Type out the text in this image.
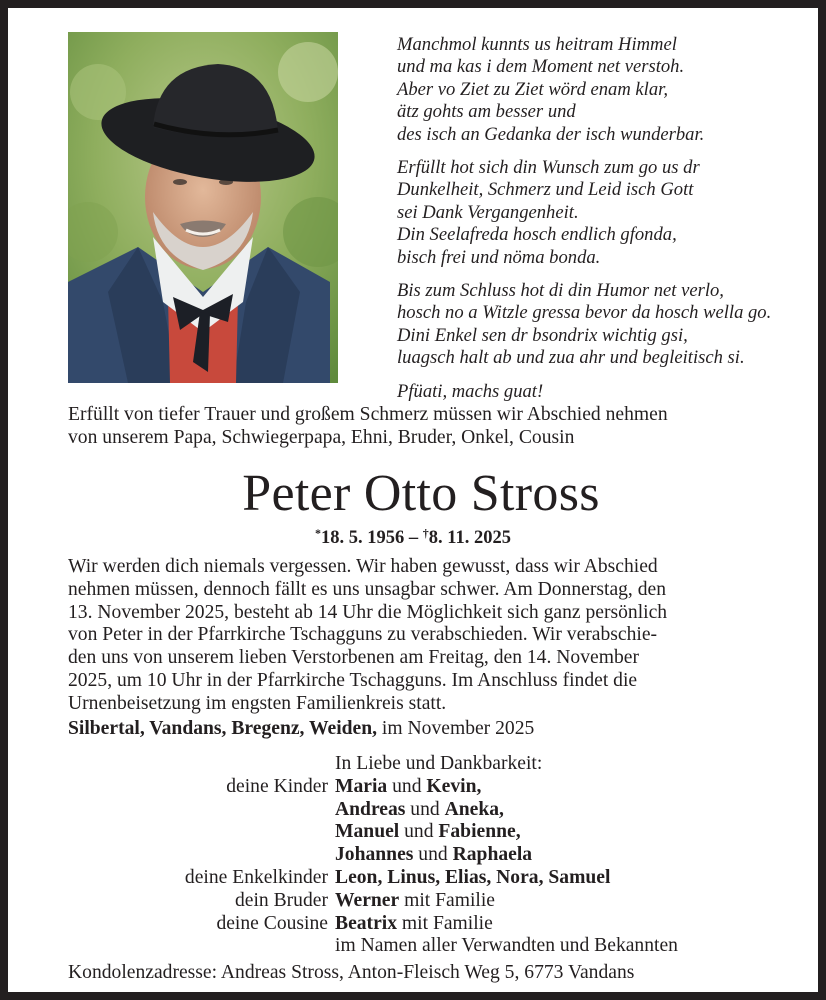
Manchmol kunnts us heitram Himmel
und ma kas i dem Moment net verstoh.
Aber vo Ziet zu Ziet wörd enam klar,
ätz gohts am besser und
des isch an Gedanka der isch wunderbar.
Erfüllt hot sich din Wunsch zum go us dr
Dunkelheit, Schmerz und Leid isch Gott
sei Dank Vergangenheit.
Din Seelafreda hosch endlich gfonda,
bisch frei und nöma bonda.
Bis zum Schluss hot di din Humor net verlo,
hosch no a Witzle gressa bevor da hosch wella go.
Dini Enkel sen dr bsondrix wichtig gsi,
luagsch halt ab und zua ahr und begleitisch si.
Pfüati, machs guat!
Erfüllt von tiefer Trauer und großem Schmerz müssen wir Abschied nehmen
von unserem Papa, Schwiegerpapa, Ehni, Bruder, Onkel, Cousin
Peter Otto Stross
*18. 5. 1956 – †8. 11. 2025
Wir werden dich niemals vergessen. Wir haben gewusst, dass wir Abschied
nehmen müssen, dennoch fällt es uns unsagbar schwer. Am Donnerstag, den
13. November 2025, besteht ab 14 Uhr die Möglichkeit sich ganz persönlich
von Peter in der Pfarrkirche Tschagguns zu verabschieden. Wir verabschie-
den uns von unserem lieben Verstorbenen am Freitag, den 14. November
2025, um 10 Uhr in der Pfarrkirche Tschagguns. Im Anschluss findet die
Urnenbeisetzung im engsten Familienkreis statt.
Silbertal, Vandans, Bregenz, Weiden, im November 2025
In Liebe und Dankbarkeit:
deine Kinder Maria und Kevin,
Andreas und Aneka,
Manuel und Fabienne,
Johannes und Raphaela
deine Enkelkinder Leon, Linus, Elias, Nora, Samuel
dein Bruder Werner mit Familie
deine Cousine Beatrix mit Familie
im Namen aller Verwandten und Bekannten
Kondolenzadresse: Andreas Stross, Anton-Fleisch Weg 5, 6773 Vandans
